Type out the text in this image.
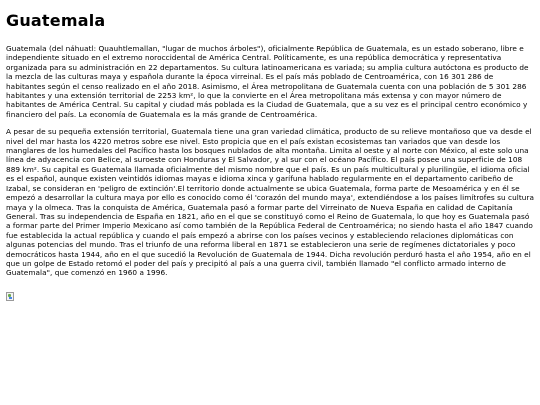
Guatemala

Guatemala (del náhuatl: Quauhtlemallan, "lugar de muchos árboles"), oficialmente República de Guatemala, es un estado soberano, libre e independiente situado en el extremo noroccidental de América Central. Políticamente, es una república democrática y representativa organizada para su administración en 22 departamentos. Su cultura latinoamericana es variada; su amplia cultura autóctona es producto de la mezcla de las culturas maya y española durante la época virreinal. Es el país más poblado de Centroamérica, con 16 301 286 de habitantes según el censo realizado en el año 2018. Asimismo, el Área metropolitana de Guatemala cuenta con una población de 5 301 286 habitantes y una extensión territorial de 2253 km², lo que la convierte en el Área metropolitana más extensa y con mayor número de habitantes de América Central. Su capital y ciudad más poblada es la Ciudad de Guatemala, que a su vez es el principal centro económico y financiero del país. La economía de Guatemala es la más grande de Centroamérica.

A pesar de su pequeña extensión territorial, Guatemala tiene una gran variedad climática, producto de su relieve montañoso que va desde el nivel del mar hasta los 4220 metros sobre ese nivel. Esto propicia que en el país existan ecosistemas tan variados que van desde los manglares de los humedales del Pacífico hasta los bosques nublados de alta montaña. Limita al oeste y al norte con México, al este solo una línea de adyacencia con Belice, al suroeste con Honduras y El Salvador, y al sur con el océano Pacífico. El país posee una superficie de 108 889 km². Su capital es Guatemala llamada oficialmente del mismo nombre que el país. Es un país multicultural y plurilingüe, el idioma oficial es el español, aunque existen veintidós idiomas mayas e idioma xinca y garífuna hablado regularmente en el departamento caribeño de Izabal, se consideran en 'peligro de extinción'.El territorio donde actualmente se ubica Guatemala, forma parte de Mesoamérica y en él se empezó a desarrollar la cultura maya por ello es conocido como él 'corazón del mundo maya', extendiéndose a los países limítrofes su cultura maya y la olmeca. Tras la conquista de América, Guatemala pasó a formar parte del Virreinato de Nueva España en calidad de Capitanía General. Tras su independencia de España en 1821, año en el que se constituyó como el Reino de Guatemala, lo que hoy es Guatemala pasó a formar parte del Primer Imperio Mexicano así como también de la República Federal de Centroamérica; no siendo hasta el año 1847 cuando fue establecida la actual república y cuando el país empezó a abrirse con los países vecinos y estableciendo relaciones diplomáticas con algunas potencias del mundo. Tras el triunfo de una reforma liberal en 1871 se establecieron una serie de regímenes dictatoriales y poco democráticos hasta 1944, año en el que sucedió la Revolución de Guatemala de 1944. Dicha revolución perduró hasta el año 1954, año en el que un golpe de Estado retomó el poder del país y precipitó al país a una guerra civil, también llamado "el conflicto armado interno de Guatemala", que comenzó en 1960 a 1996.
